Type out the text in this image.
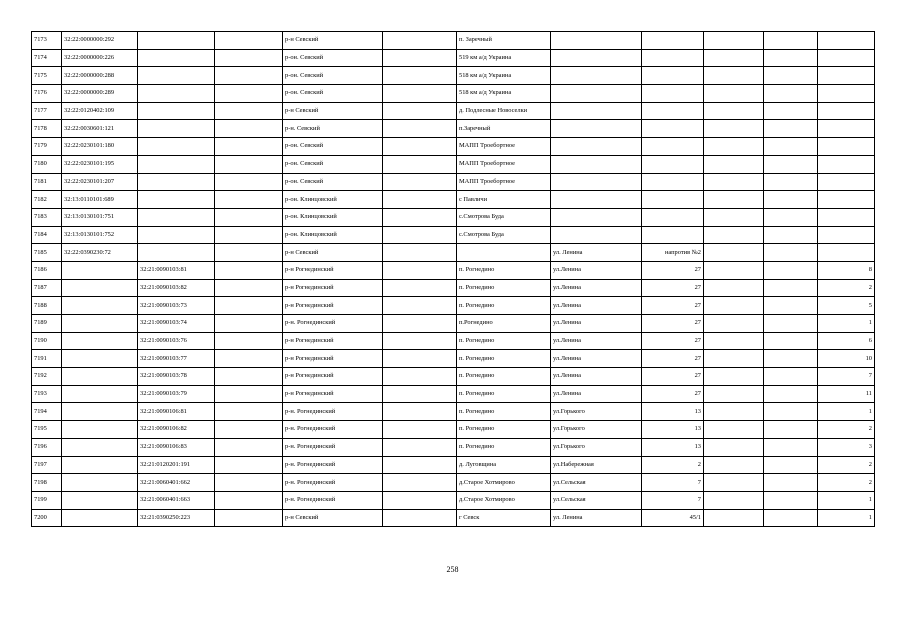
7173	32:22:0000000:292			р-н Севский		п. Заречный					
7174	32:22:0000000:226			р-он. Севский		519 км а/д Украина					
7175	32:22:0000000:288			р-он. Севский		518 км а/д Украина					
7176	32:22:0000000:289			р-он. Севский		518 км а/д Украина					
7177	32:22:0120402:109			р-н Севский		д. Подлесные Новоселки					
7178	32:22:0030601:121			р-н. Севский		п.Заречный					
7179	32:22:0230101:180			р-он. Севский		МАПП Троебортное					
7180	32:22:0230101:195			р-он. Севский		МАПП Троебортное					
7181	32:22:0230101:207			р-он. Севский		МАПП Троебортное					
7182	32:13:0110101:689			р-он. Клинцовский		с Павличи					
7183	32:13:0130101:751			р-он. Клинцовский		с.Смотрова Буда					
7184	32:13:0130101:752			р-он. Клинцовский		с.Смотрова Буда					
7185	32:22:0390230:72			р-н Севский			ул. Ленина	напротив №2			
7186		32:21:0090103:81		р-н Рогнединский		п. Рогнедино	ул.Ленина	27			8
7187		32:21:0090103:82		р-н Рогнединский		п. Рогнедино	ул.Ленина	27			2
7188		32:21:0090103:73		р-н Рогнединский		п. Рогнедино	ул.Ленина	27			5
7189		32:21:0090103:74		р-н. Рогнединский		п.Рогнедино	ул.Ленина	27			1
7190		32:21:0090103:76		р-н Рогнединский		п. Рогнедино	ул.Ленина	27			6
7191		32:21:0090103:77		р-н Рогнединский		п. Рогнедино	ул.Ленина	27			10
7192		32:21:0090103:78		р-н Рогнединский		п. Рогнедино	ул.Ленина	27			7
7193		32:21:0090103:79		р-н Рогнединский		п. Рогнедино	ул.Ленина	27			11
7194		32:21:0090106:81		р-н. Рогнединский		п. Рогнедино	ул.Горького	13			1
7195		32:21:0090106:82		р-н. Рогнединский		п. Рогнедино	ул.Горького	13			2
7196		32:21:0090106:83		р-н. Рогнединский		п. Рогнедино	ул.Горького	13			3
7197		32:21:0120201:191		р-н. Рогнединский		д. Луговщина	ул.Набережная	2			2
7198		32:21:0060401:662		р-н. Рогнединский		д.Старое Хотмирово	ул.Сельская	7			2
7199		32:21:0060401:663		р-н. Рогнединский		д.Старое Хотмирово	ул.Сельская	7			1
7200		32:21:0390250:223		р-н Севский		г Севск	ул. Ленина	45/1			1
258
